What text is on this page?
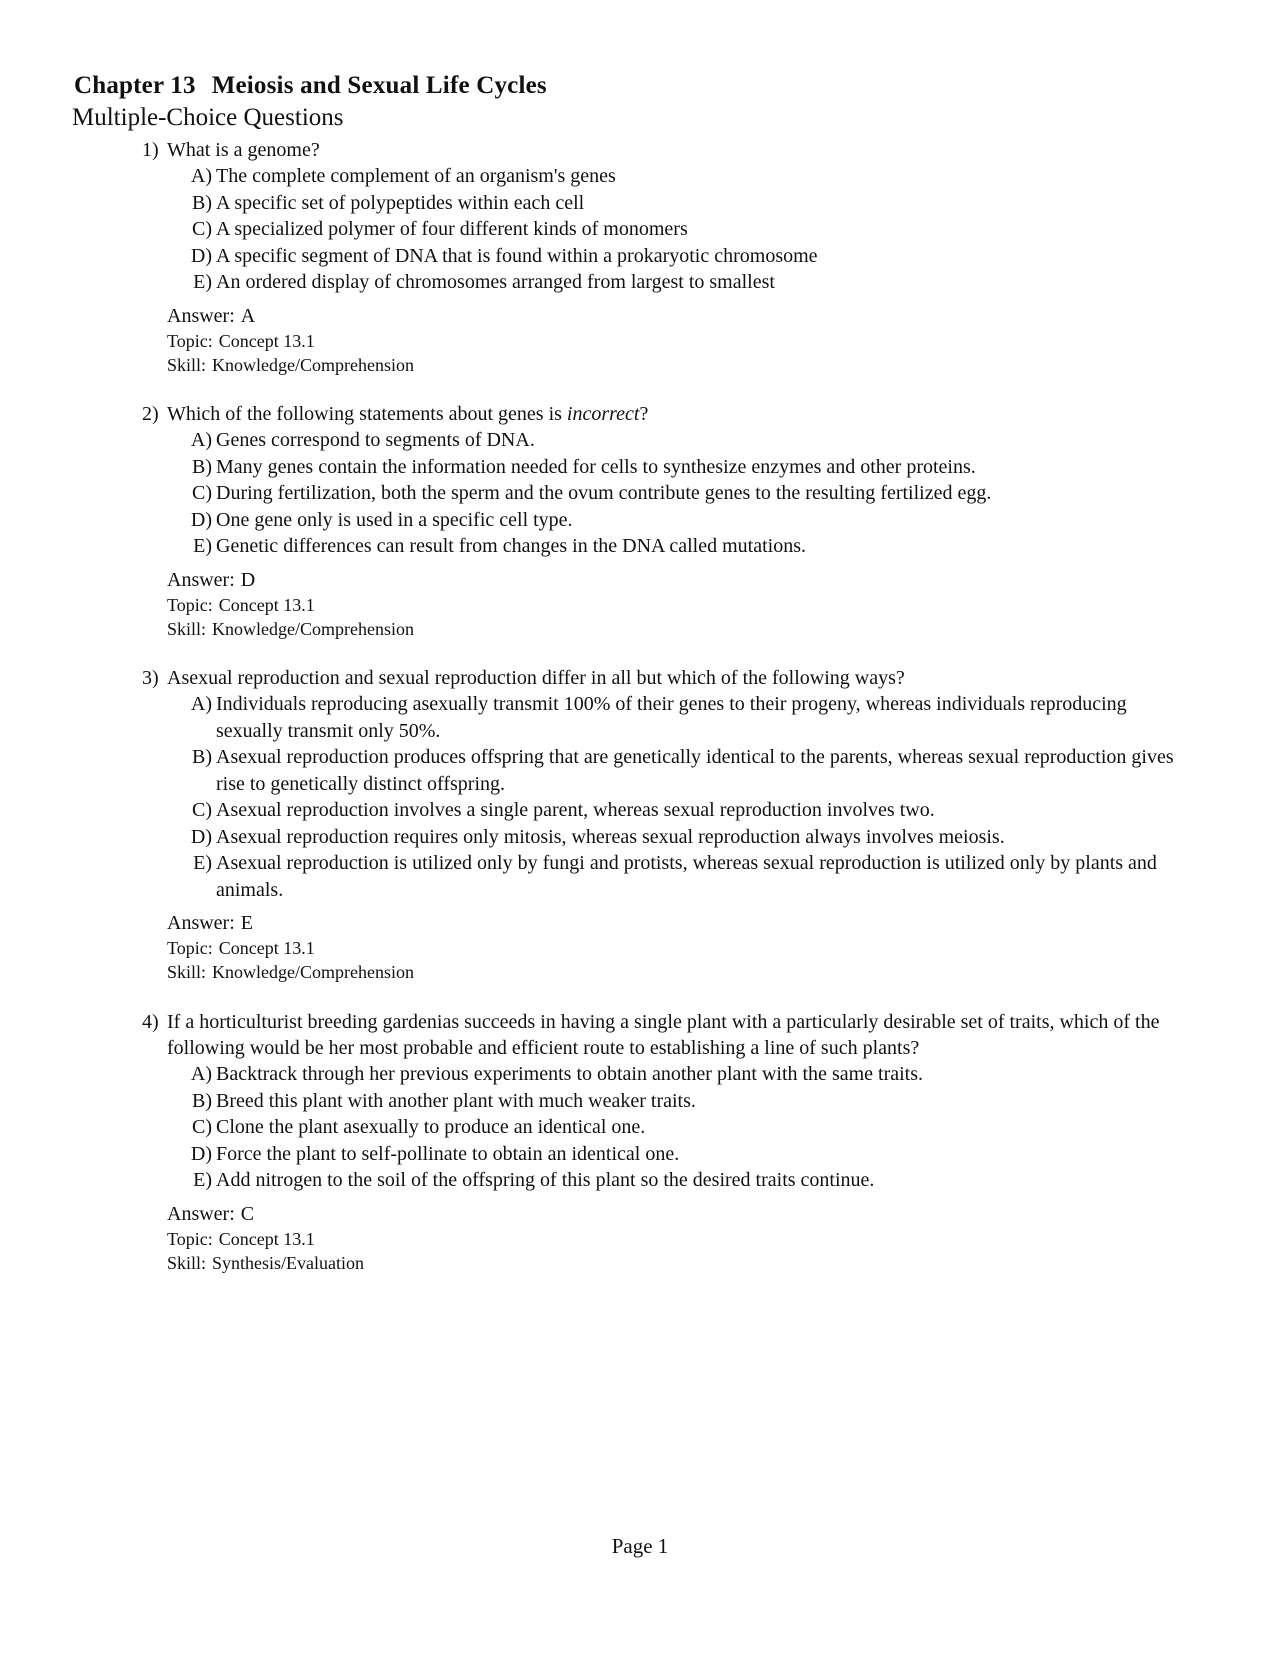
Chapter 13 Meiosis and Sexual Life Cycles
Multiple-Choice Questions
1) What is a genome?
A) The complete complement of an organism's genes
B) A specific set of polypeptides within each cell
C) A specialized polymer of four different kinds of monomers
D) A specific segment of DNA that is found within a prokaryotic chromosome
E) An ordered display of chromosomes arranged from largest to smallest
Answer: A
Topic: Concept 13.1
Skill: Knowledge/Comprehension
2) Which of the following statements about genes is incorrect?
A) Genes correspond to segments of DNA.
B) Many genes contain the information needed for cells to synthesize enzymes and other proteins.
C) During fertilization, both the sperm and the ovum contribute genes to the resulting fertilized egg.
D) One gene only is used in a specific cell type.
E) Genetic differences can result from changes in the DNA called mutations.
Answer: D
Topic: Concept 13.1
Skill: Knowledge/Comprehension
3) Asexual reproduction and sexual reproduction differ in all but which of the following ways?
A) Individuals reproducing asexually transmit 100% of their genes to their progeny, whereas individuals reproducing sexually transmit only 50%.
B) Asexual reproduction produces offspring that are genetically identical to the parents, whereas sexual reproduction gives rise to genetically distinct offspring.
C) Asexual reproduction involves a single parent, whereas sexual reproduction involves two.
D) Asexual reproduction requires only mitosis, whereas sexual reproduction always involves meiosis.
E) Asexual reproduction is utilized only by fungi and protists, whereas sexual reproduction is utilized only by plants and animals.
Answer: E
Topic: Concept 13.1
Skill: Knowledge/Comprehension
4) If a horticulturist breeding gardenias succeeds in having a single plant with a particularly desirable set of traits, which of the following would be her most probable and efficient route to establishing a line of such plants?
A) Backtrack through her previous experiments to obtain another plant with the same traits.
B) Breed this plant with another plant with much weaker traits.
C) Clone the plant asexually to produce an identical one.
D) Force the plant to self-pollinate to obtain an identical one.
E) Add nitrogen to the soil of the offspring of this plant so the desired traits continue.
Answer: C
Topic: Concept 13.1
Skill: Synthesis/Evaluation
Page 1
